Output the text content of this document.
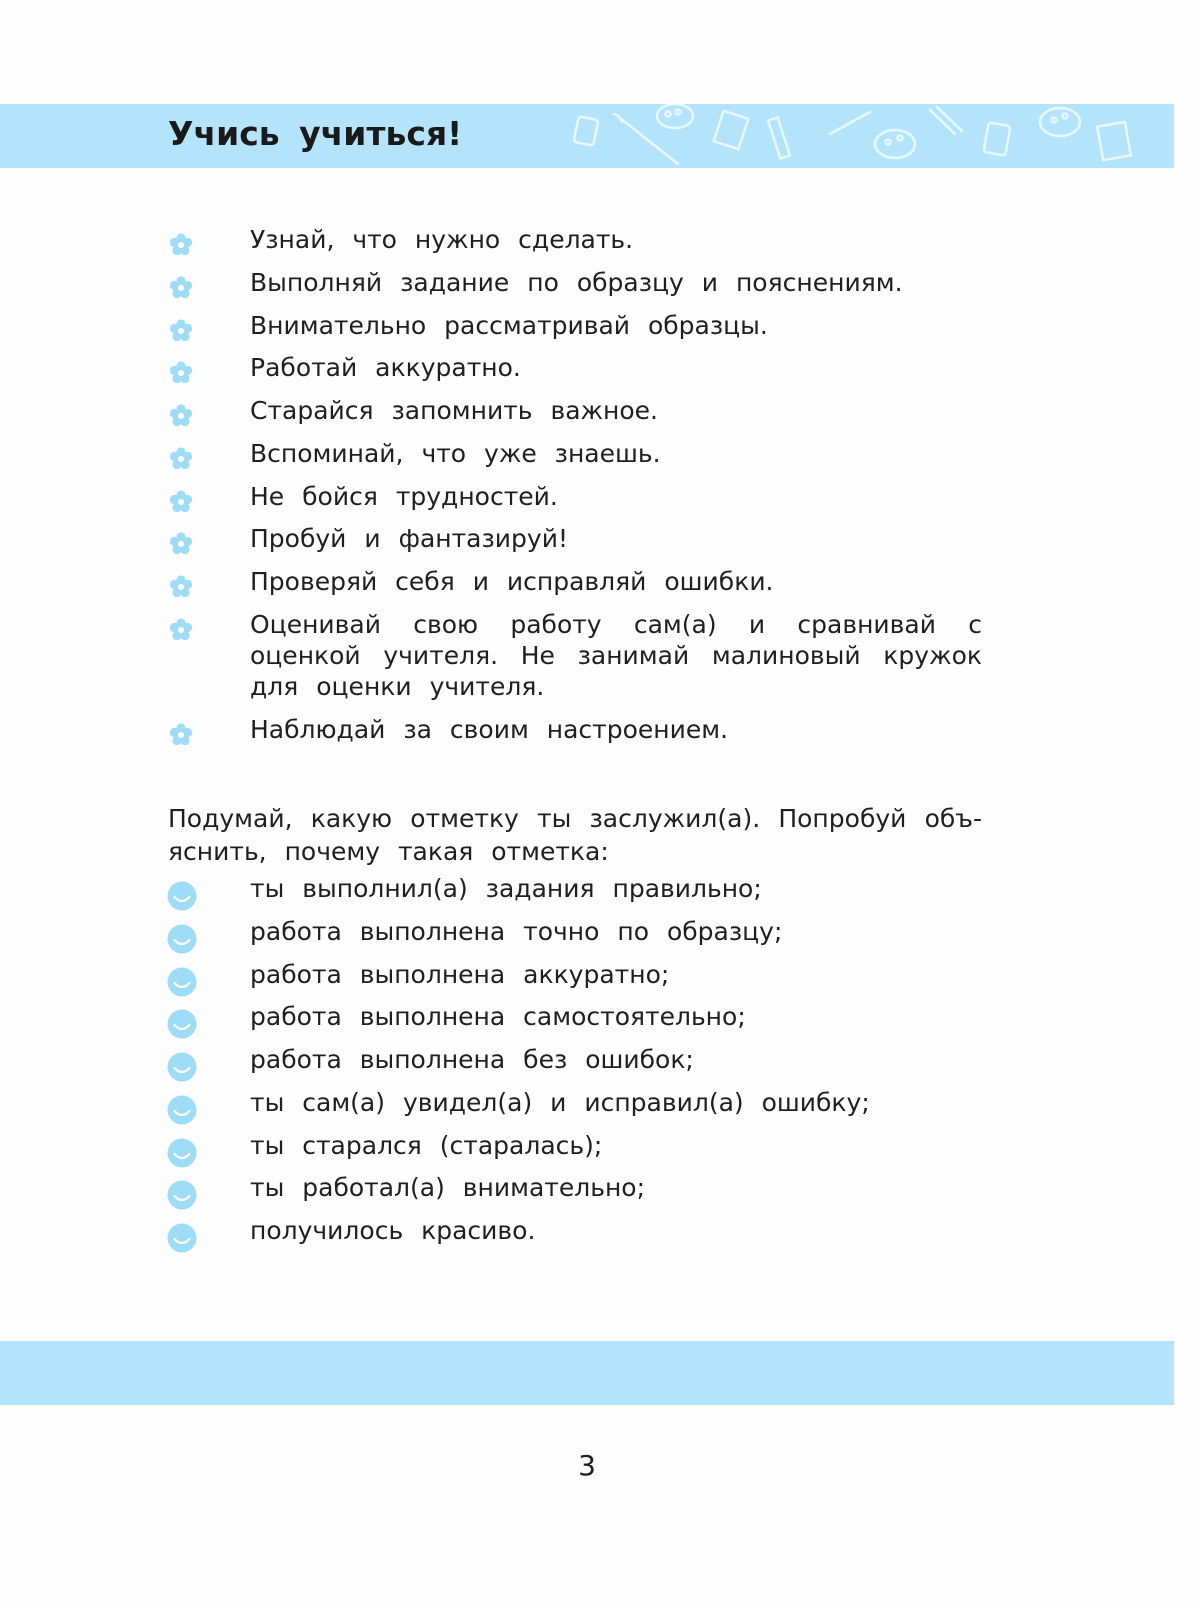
Учись учиться!
Узнай, что нужно сделать.
Выполняй задание по образцу и пояснениям.
Внимательно рассматривай образцы.
Работай аккуратно.
Старайся запомнить важное.
Вспоминай, что уже знаешь.
Не бойся трудностей.
Пробуй и фантазируй!
Проверяй себя и исправляй ошибки.
Оценивай свою работу сам(а) и сравнивай с оценкой учителя. Не занимай малиновый кружок для оценки учителя.
Наблюдай за своим настроением.

Подумай, какую отметку ты заслужил(а). Попробуй объяснить, почему такая отметка:

ты выполнил(а) задания правильно;
работа выполнена точно по образцу;
работа выполнена аккуратно;
работа выполнена самостоятельно;
работа выполнена без ошибок;
ты сам(а) увидел(а) и исправил(а) ошибку;
ты старался (старалась);
ты работал(а) внимательно;
получилось красиво.
3
